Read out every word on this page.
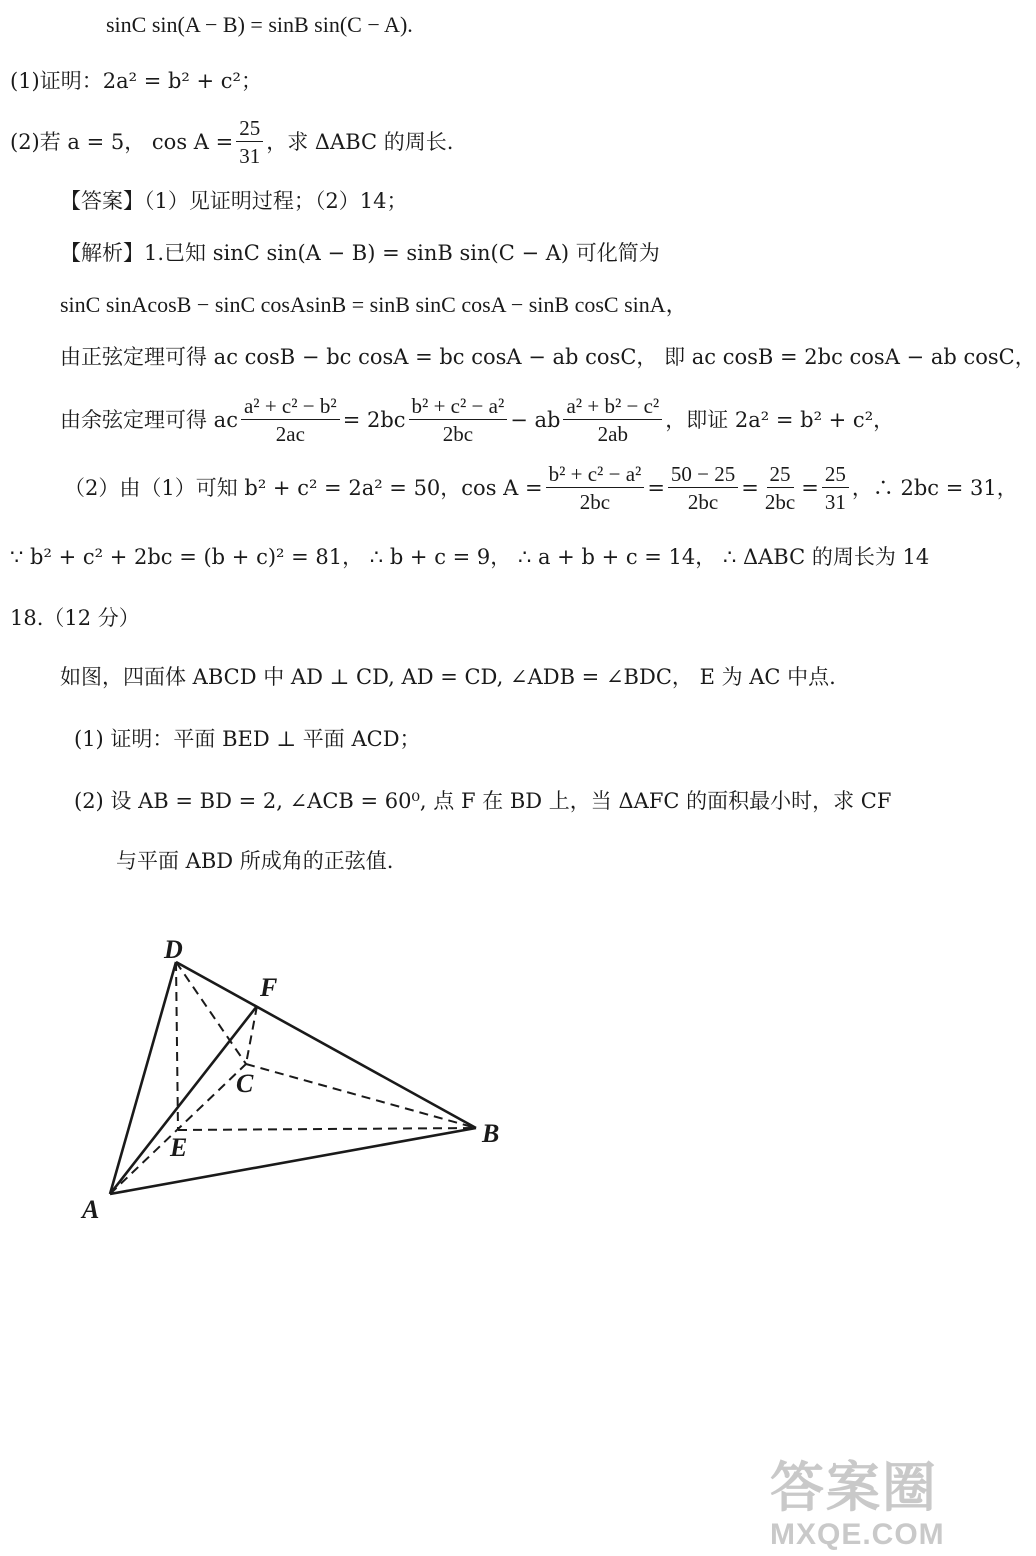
sinC sin(A − B) = sinB sin(C − A).
(1)证明：2a² = b² + c²；
(2)若 a = 5， $\cos A = \frac{25}{31}$ ，求 ΔABC 的周长.
【答案】（1）见证明过程；（2）14；
【解析】1.已知 sinC sin(A − B) = sinB sin(C − A) 可化简为
sinC sinAcosB − sinC cosAsinB = sinB sinC cosA − sinB cosC sinA，
由正弦定理可得 ac cosB − bc cosA = bc cosA − ab cosC， 即 ac cosB = 2bc cosA − ab cosC，
由余弦定理可得 ac $\frac{\text{a² + c² − b²}}{2ac} = 2bc \frac{\text{b² + c² − a²}}{2bc}$ − ab $\frac{\text{a² + b² − c²}}{2ab}$ ，即证 2a² = b² + c²，
（2）由（1）可知 b² + c² = 2a² = 50，$\cos A = \frac{\text{b² + c² − a²}}{2bc} = \frac{50 - 25}{2bc} = \frac{25}{2bc} = \frac{25}{31}$ ，∴ 2bc = 31，
∵ b² + c² + 2bc = (b + c)² = 81， ∴ b + c = 9， ∴ a + b + c = 14， ∴ ΔABC 的周长为 14
18.（12 分）
如图，四面体 ABCD 中 AD ⊥ CD, AD = CD, ∠ADB = ∠BDC， E 为 AC 中点.
(1) 证明：平面 BED ⊥ 平面 ACD；
(2) 设 AB = BD = 2, ∠ACB = 60⁰, 点 F 在 BD 上，当 ΔAFC 的面积最小时，求 CF
与平面 ABD 所成角的正弦值.
D
F
C
E	B
A
答案圈
MXQE.COM
